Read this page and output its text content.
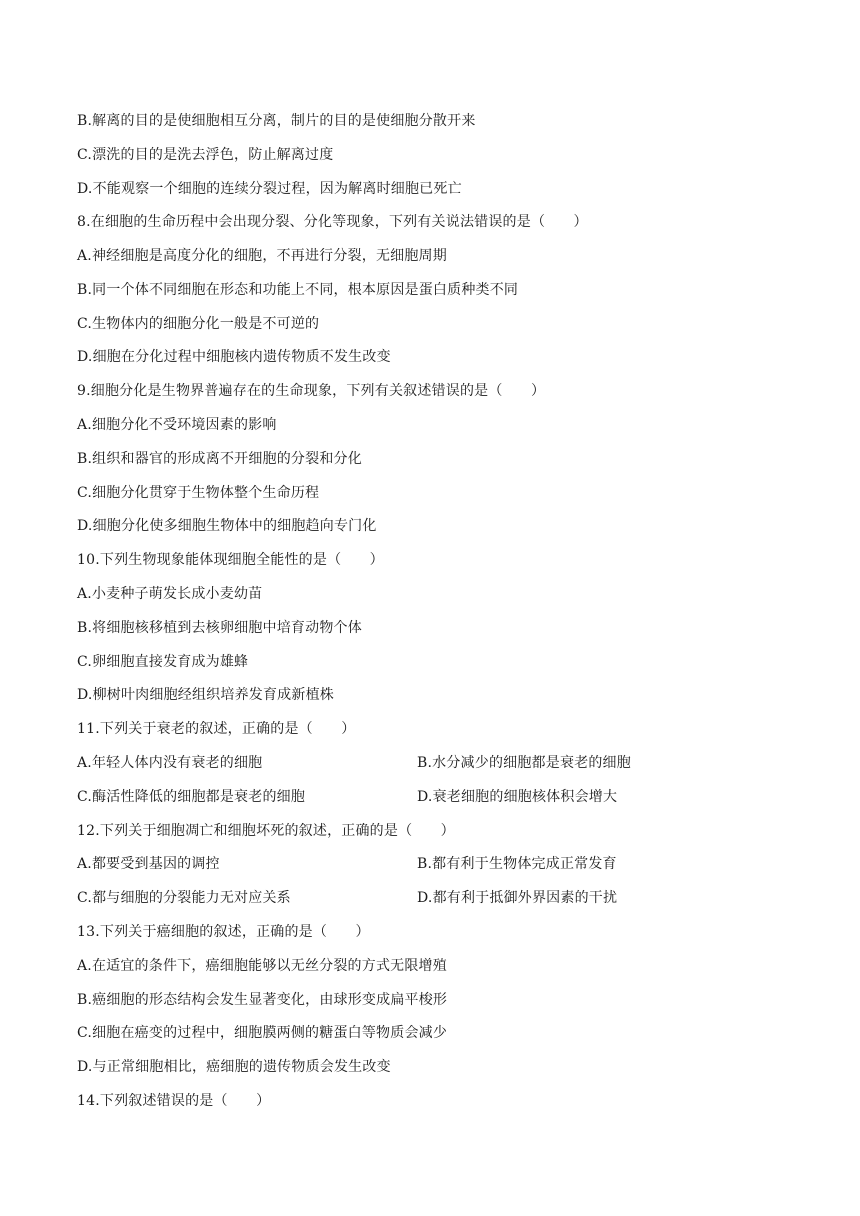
B.解离的目的是使细胞相互分离，制片的目的是使细胞分散开来
C.漂洗的目的是洗去浮色，防止解离过度
D.不能观察一个细胞的连续分裂过程，因为解离时细胞已死亡
8.在细胞的生命历程中会出现分裂、分化等现象，下列有关说法错误的是（　　）
A.神经细胞是高度分化的细胞，不再进行分裂，无细胞周期
B.同一个体不同细胞在形态和功能上不同，根本原因是蛋白质种类不同
C.生物体内的细胞分化一般是不可逆的
D.细胞在分化过程中细胞核内遗传物质不发生改变
9.细胞分化是生物界普遍存在的生命现象，下列有关叙述错误的是（　　）
A.细胞分化不受环境因素的影响
B.组织和器官的形成离不开细胞的分裂和分化
C.细胞分化贯穿于生物体整个生命历程
D.细胞分化使多细胞生物体中的细胞趋向专门化
10.下列生物现象能体现细胞全能性的是（　　）
A.小麦种子萌发长成小麦幼苗
B.将细胞核移植到去核卵细胞中培育动物个体
C.卵细胞直接发育成为雄蜂
D.柳树叶肉细胞经组织培养发育成新植株
11.下列关于衰老的叙述，正确的是（　　）
A.年轻人体内没有衰老的细胞	B.水分减少的细胞都是衰老的细胞
C.酶活性降低的细胞都是衰老的细胞	D.衰老细胞的细胞核体积会增大
12.下列关于细胞凋亡和细胞坏死的叙述，正确的是（　　）
A.都要受到基因的调控	B.都有利于生物体完成正常发育
C.都与细胞的分裂能力无对应关系	D.都有利于抵御外界因素的干扰
13.下列关于癌细胞的叙述，正确的是（　　）
A.在适宜的条件下，癌细胞能够以无丝分裂的方式无限增殖
B.癌细胞的形态结构会发生显著变化，由球形变成扁平梭形
C.细胞在癌变的过程中，细胞膜两侧的糖蛋白等物质会减少
D.与正常细胞相比，癌细胞的遗传物质会发生改变
14.下列叙述错误的是（　　）
